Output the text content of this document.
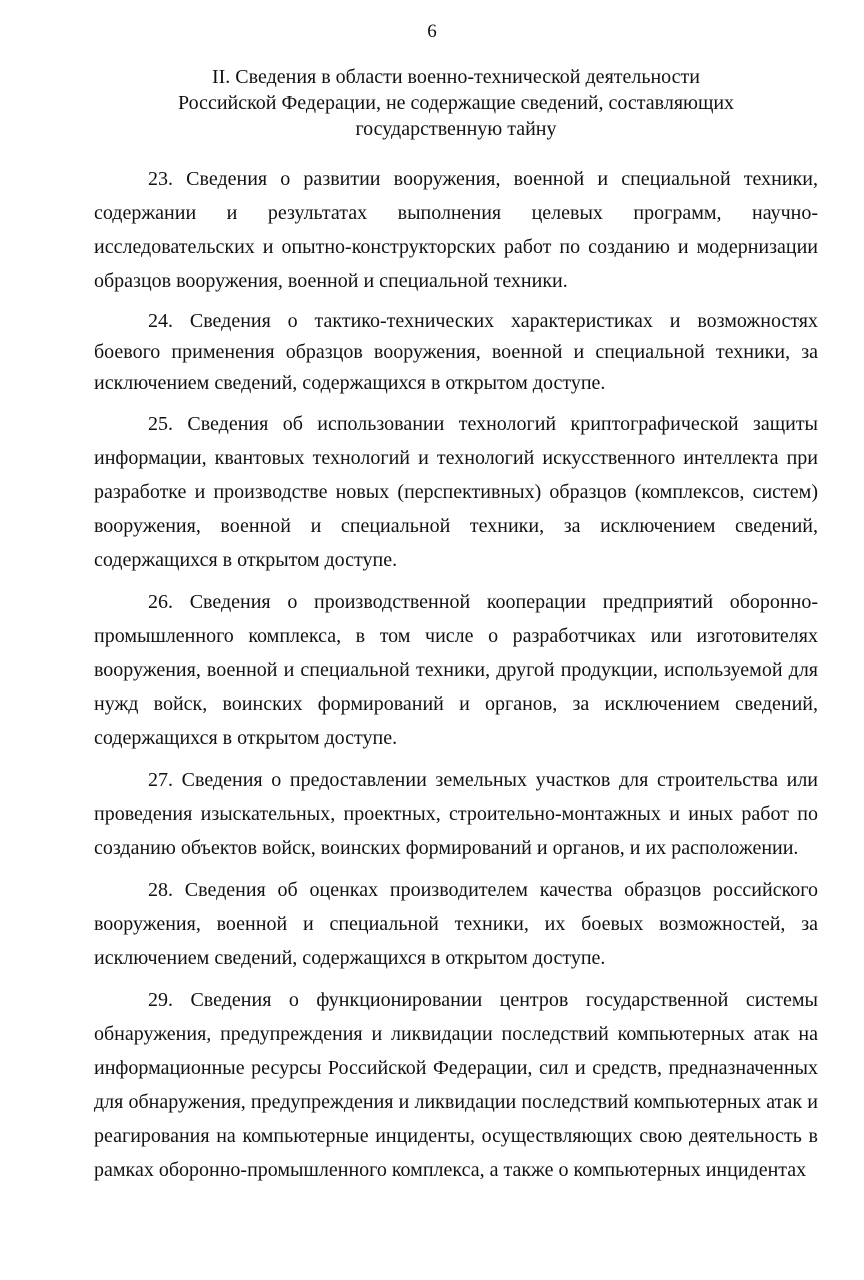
6
II. Сведения в области военно-технической деятельности
Российской Федерации, не содержащие сведений, составляющих
государственную тайну

23. Сведения о развитии вооружения, военной и специальной техники, содержании и результатах выполнения целевых программ, научно-исследовательских и опытно-конструкторских работ по созданию и модернизации образцов вооружения, военной и специальной техники.

24. Сведения о тактико-технических характеристиках и возможностях боевого применения образцов вооружения, военной и специальной техники, за исключением сведений, содержащихся в открытом доступе.

25. Сведения об использовании технологий криптографической защиты информации, квантовых технологий и технологий искусственного интеллекта при разработке и производстве новых (перспективных) образцов (комплексов, систем) вооружения, военной и специальной техники, за исключением сведений, содержащихся в открытом доступе.

26. Сведения о производственной кооперации предприятий оборонно-промышленного комплекса, в том числе о разработчиках или изготовителях вооружения, военной и специальной техники, другой продукции, используемой для нужд войск, воинских формирований и органов, за исключением сведений, содержащихся в открытом доступе.

27. Сведения о предоставлении земельных участков для строительства или проведения изыскательных, проектных, строительно-монтажных и иных работ по созданию объектов войск, воинских формирований и органов, и их расположении.

28. Сведения об оценках производителем качества образцов российского вооружения, военной и специальной техники, их боевых возможностей, за исключением сведений, содержащихся в открытом доступе.

29. Сведения о функционировании центров государственной системы обнаружения, предупреждения и ликвидации последствий компьютерных атак на информационные ресурсы Российской Федерации, сил и средств, предназначенных для обнаружения, предупреждения и ликвидации последствий компьютерных атак и реагирования на компьютерные инциденты, осуществляющих свою деятельность в рамках оборонно-промышленного комплекса, а также о компьютерных инцидентах
